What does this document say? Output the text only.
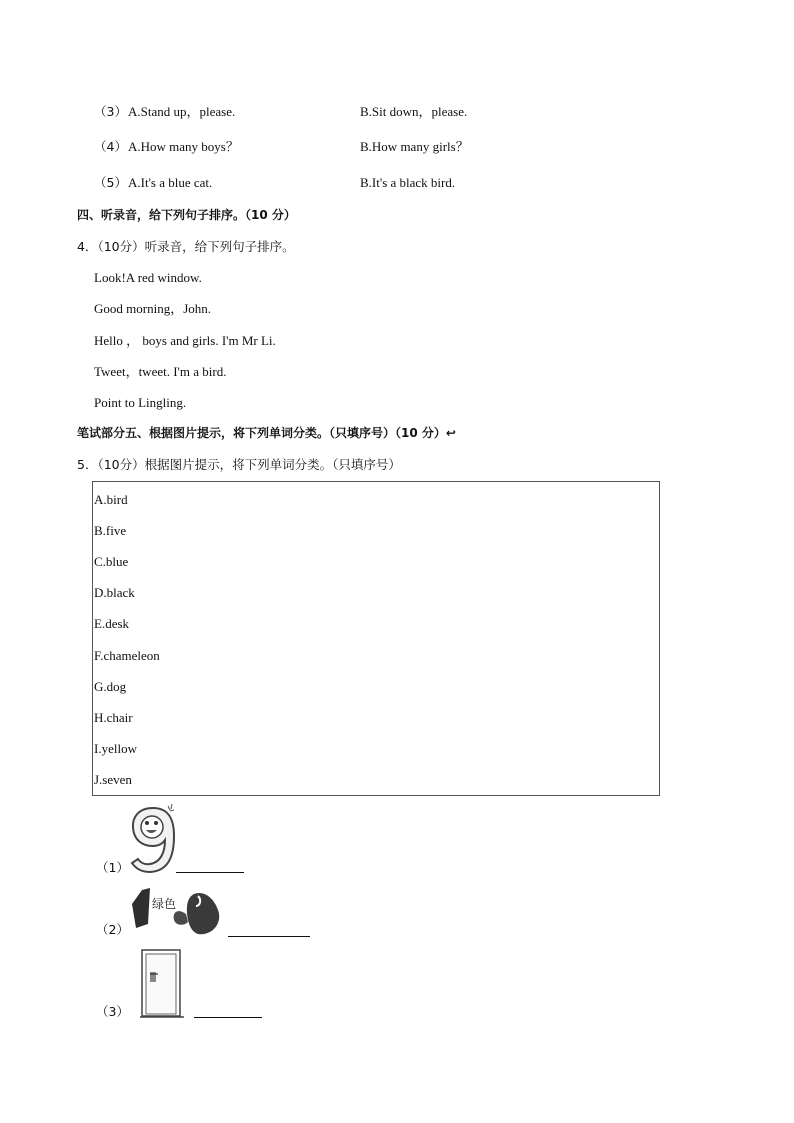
（3） A.Stand up，please.	B.Sit down，please.
（4） A.How many boys？	B.How many girls？
（5） A.It's a blue cat.	B.It's a black bird.
四、听录音，给下列句子排序。（10 分）
4．（10分）听录音，给下列句子排序。
Look!A red window.
Good morning，John.
Hello ， boys and girls. I'm Mr Li.
Tweet，tweet. I'm a bird.
Point to Lingling.
笔试部分五、根据图片提示，将下列单词分类。（只填序号）（10 分）↩
5．（10分）根据图片提示，将下列单词分类。（只填序号）
A.bird
B.five
C.blue
D.black
E.desk
F.chameleon
G.dog
H.chair
I.yellow
J.seven
（1）
（2）
绿色
（3）
